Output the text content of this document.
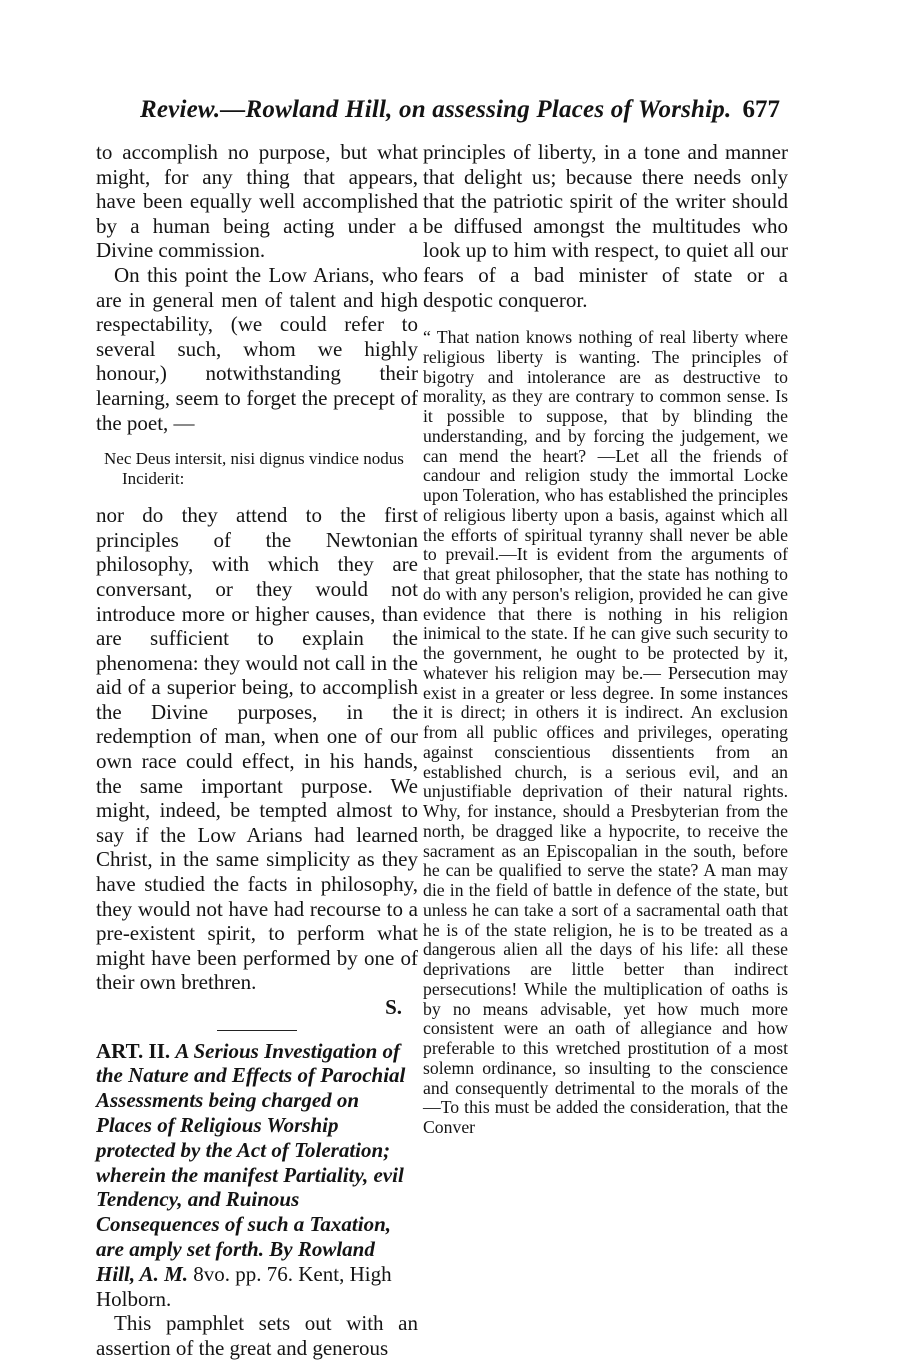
Review.—Rowland Hill, on assessing Places of Worship. 677

to accomplish no purpose, but what might, for any thing that appears, have been equally well accomplished by a human being acting under a Divine commission.

On this point the Low Arians, who are in general men of talent and high respectability, (we could refer to several such, whom we highly honour,) notwithstanding their learning, seem to forget the precept of the poet, —

Nec Deus intersit, nisi dignus vindice nodus
Inciderit:

nor do they attend to the first principles of the Newtonian philosophy, with which they are conversant, or they would not introduce more or higher causes, than are sufficient to explain the phenomena: they would not call in the aid of a superior being, to accomplish the Divine purposes, in the redemption of man, when one of our own race could effect, in his hands, the same important purpose. We might, indeed, be tempted almost to say if the Low Arians had learned Christ, in the same simplicity as they have studied the facts in philosophy, they would not have had recourse to a pre-existent spirit, to perform what might have been performed by one of their own brethren.

S.

ART. II. A Serious Investigation of the Nature and Effects of Parochial Assessments being charged on Places of Religious Worship protected by the Act of Toleration; wherein the manifest Partiality, evil Tendency, and Ruinous Consequences of such a Taxation, are amply set forth. By Rowland Hill, A. M. 8vo. pp. 76. Kent, High Holborn.

This pamphlet sets out with an assertion of the great and generous

principles of liberty, in a tone and manner that delight us; because there needs only that the patriotic spirit of the writer should be diffused amongst the multitudes who look up to him with respect, to quiet all our fears of a bad minister of state or a despotic conqueror.

“ That nation knows nothing of real liberty where religious liberty is wanting. The principles of bigotry and intolerance are as destructive to morality, as they are contrary to common sense. Is it possible to suppose, that by blinding the understanding, and by forcing the judgement, we can mend the heart? —Let all the friends of candour and religion study the immortal Locke upon Toleration, who has established the principles of religious liberty upon a basis, against which all the efforts of spiritual tyranny shall never be able to prevail.—It is evident from the arguments of that great philosopher, that the state has nothing to do with any person's religion, provided he can give evidence that there is nothing in his religion inimical to the state. If he can give such security to the government, he ought to be protected by it, whatever his religion may be.— Persecution may exist in a greater or less degree. In some instances it is direct; in others it is indirect. An exclusion from all public offices and privileges, operating against conscientious dissentients from an established church, is a serious evil, and an unjustifiable deprivation of their natural rights. Why, for instance, should a Presbyterian from the north, be dragged like a hypocrite, to receive the sacrament as an Episcopalian in the south, before he can be qualified to serve the state? A man may die in the field of battle in defence of the state, but unless he can take a sort of a sacramental oath that he is of the state religion, he is to be treated as a dangerous alien all the days of his life: all these deprivations are little better than indirect persecutions! While the multiplication of oaths is by no means advisable, yet how much more consistent were an oath of allegiance and how preferable to this wretched prostitution of a most solemn ordinance, so insulting to the conscience and consequently detrimental to the morals of the —To this must be added the consideration, that the Conver
